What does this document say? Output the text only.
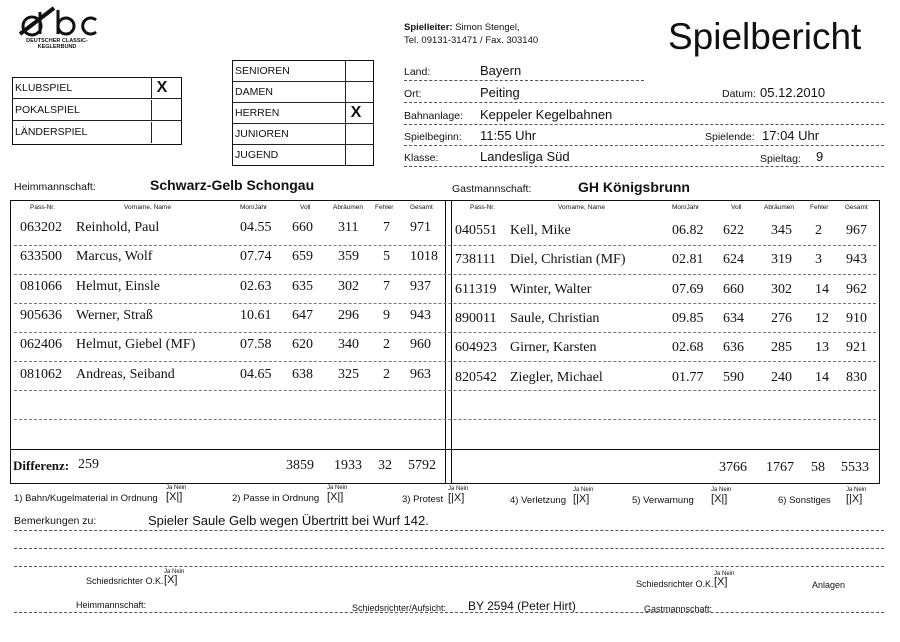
DEUTSCHER CLASSIC-
KEGLERBUND
Spielleiter: Simon Stengel,
Tel. 09131-31471 / Fax. 303140	Spielbericht
KLUBSPIEL	X
POKALSPIEL
LÄNDERSPIEL
SENIOREN
DAMEN
HERREN	X
JUNIOREN
JUGEND
Land:	Bayern
Ort:	Peiting	Datum: 05.12.2010
Bahnanlage: Keppeler Kegelbahnen
Spielbeginn: 11:55 Uhr	Spielende: 17:04 Uhr
Klasse:	Landesliga Süd	Spieltag: 9
Heimmannschaft:	Schwarz-Gelb Schongau	Gastmannschaft:	GH Königsbrunn
Pass-Nr.	Vorname, Name	Mon/Jahr	Voll	Abräumen Fehler	Gesamt	Pass-Nr.	Vorname, Name	Mon/Jahr	Voll	Abräumen Fehler	Gesamt
063202 Reinhold, Paul	04.55 660 311 7 971
633500 Marcus, Wolf	07.74 659 359 5 1018
081066 Helmut, Einsle	02.63 635 302 7 937
905636 Werner, Straß	10.61 647 296 9 943
062406 Helmut, Giebel (MF)	07.58 620 340 2 960
081062 Andreas, Seiband	04.65 638 325 2 963
040551 Kell, Mike	06.82 622 345 2 967
738111 Diel, Christian (MF)	02.81 624 319 3 943
611319 Winter, Walter	07.69 660 302 14 962
890011 Saule, Christian	09.85 634 276 12 910
604923 Girner, Karsten	02.68 636 285 13 921
820542 Ziegler, Michael	01.77 590 240 14 830
Differenz: 259	3859 1933 32 5792	3766 1767 58 5533
1) Bahn/Kugelmaterial in Ordnung
Ja Nein
[X|]	2) Passe in Ordnung
Ja Nein
[X|]	3) Protest
Ja Nein
[|X]	4) Verletzung
Ja Nein
[|X]	5) Verwarnung
Ja Nein
[X|]	6) Sonstiges
Ja Nein
[|X]
Bemerkungen zu:	Spieler Saule Gelb wegen Übertritt bei Wurf 142.
Schiedsrichter O.K.
Ja Nein
[X]	Schiedsrichter O.K.
Ja Nein
[X]	Anlagen
Heimmannschaft:	Schiedsrichter/Aufsicht: BY 2594 (Peter Hirt)	Gastmannschaft:
